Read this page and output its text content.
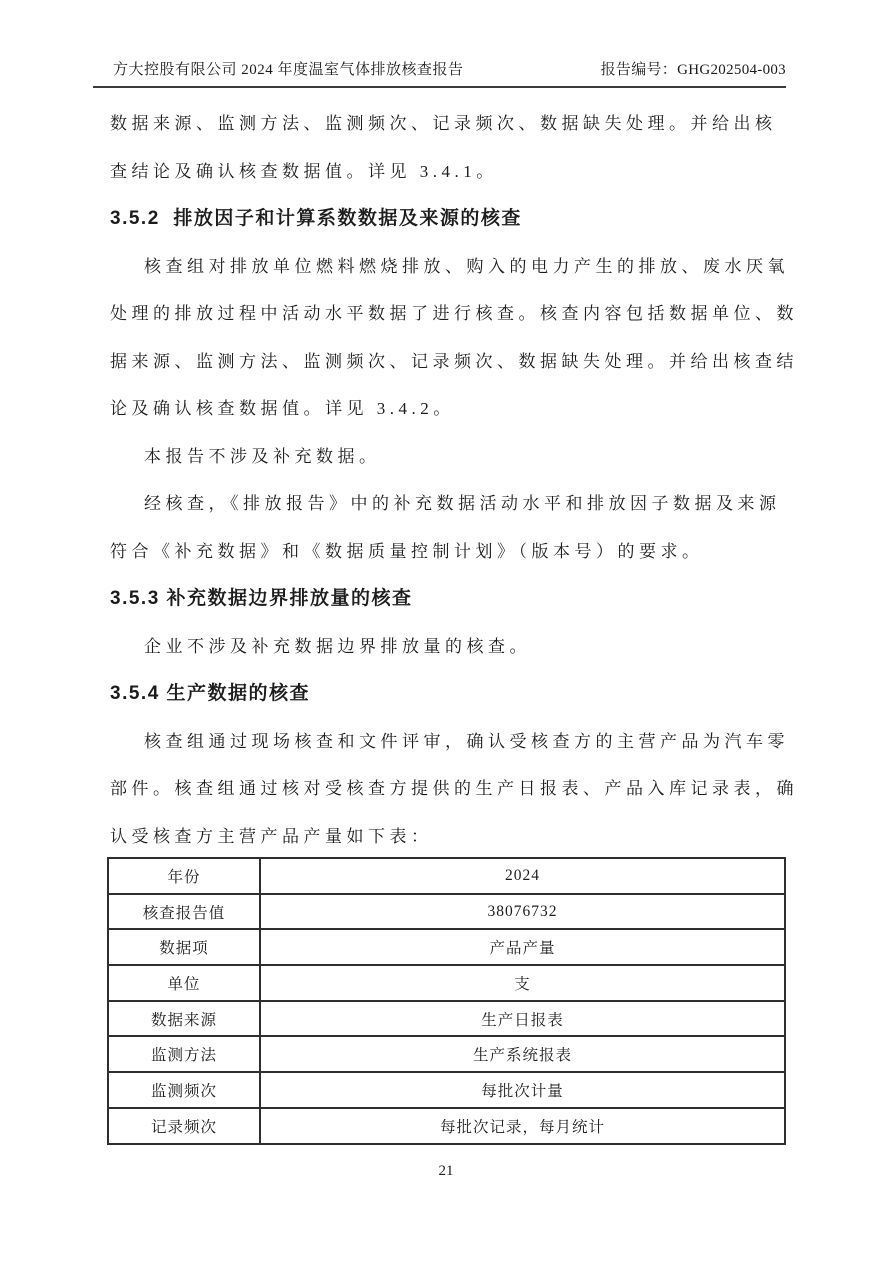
方大控股有限公司 2024 年度温室气体排放核查报告	报告编号：GHG202504-003
数据来源、监测方法、监测频次、记录频次、数据缺失处理。并给出核
查结论及确认核查数据值。详见 3.4.1。
3.5.2  排放因子和计算系数数据及来源的核查
核查组对排放单位燃料燃烧排放、购入的电力产生的排放、废水厌氧
处理的排放过程中活动水平数据了进行核查。核查内容包括数据单位、数
据来源、监测方法、监测频次、记录频次、数据缺失处理。并给出核查结
论及确认核查数据值。详见 3.4.2。
本报告不涉及补充数据。
经核查，《排放报告》中的补充数据活动水平和排放因子数据及来源
符合《补充数据》和《数据质量控制计划》（版本号）的要求。
3.5.3 补充数据边界排放量的核查
企业不涉及补充数据边界排放量的核查。
3.5.4 生产数据的核查
核查组通过现场核查和文件评审，确认受核查方的主营产品为汽车零
部件。核查组通过核对受核查方提供的生产日报表、产品入库记录表，确
认受核查方主营产品产量如下表：
年份	2024
核查报告值	38076732
数据项	产品产量
单位	支
数据来源	生产日报表
监测方法	生产系统报表
监测频次	每批次计量
记录频次	每批次记录，每月统计
21
